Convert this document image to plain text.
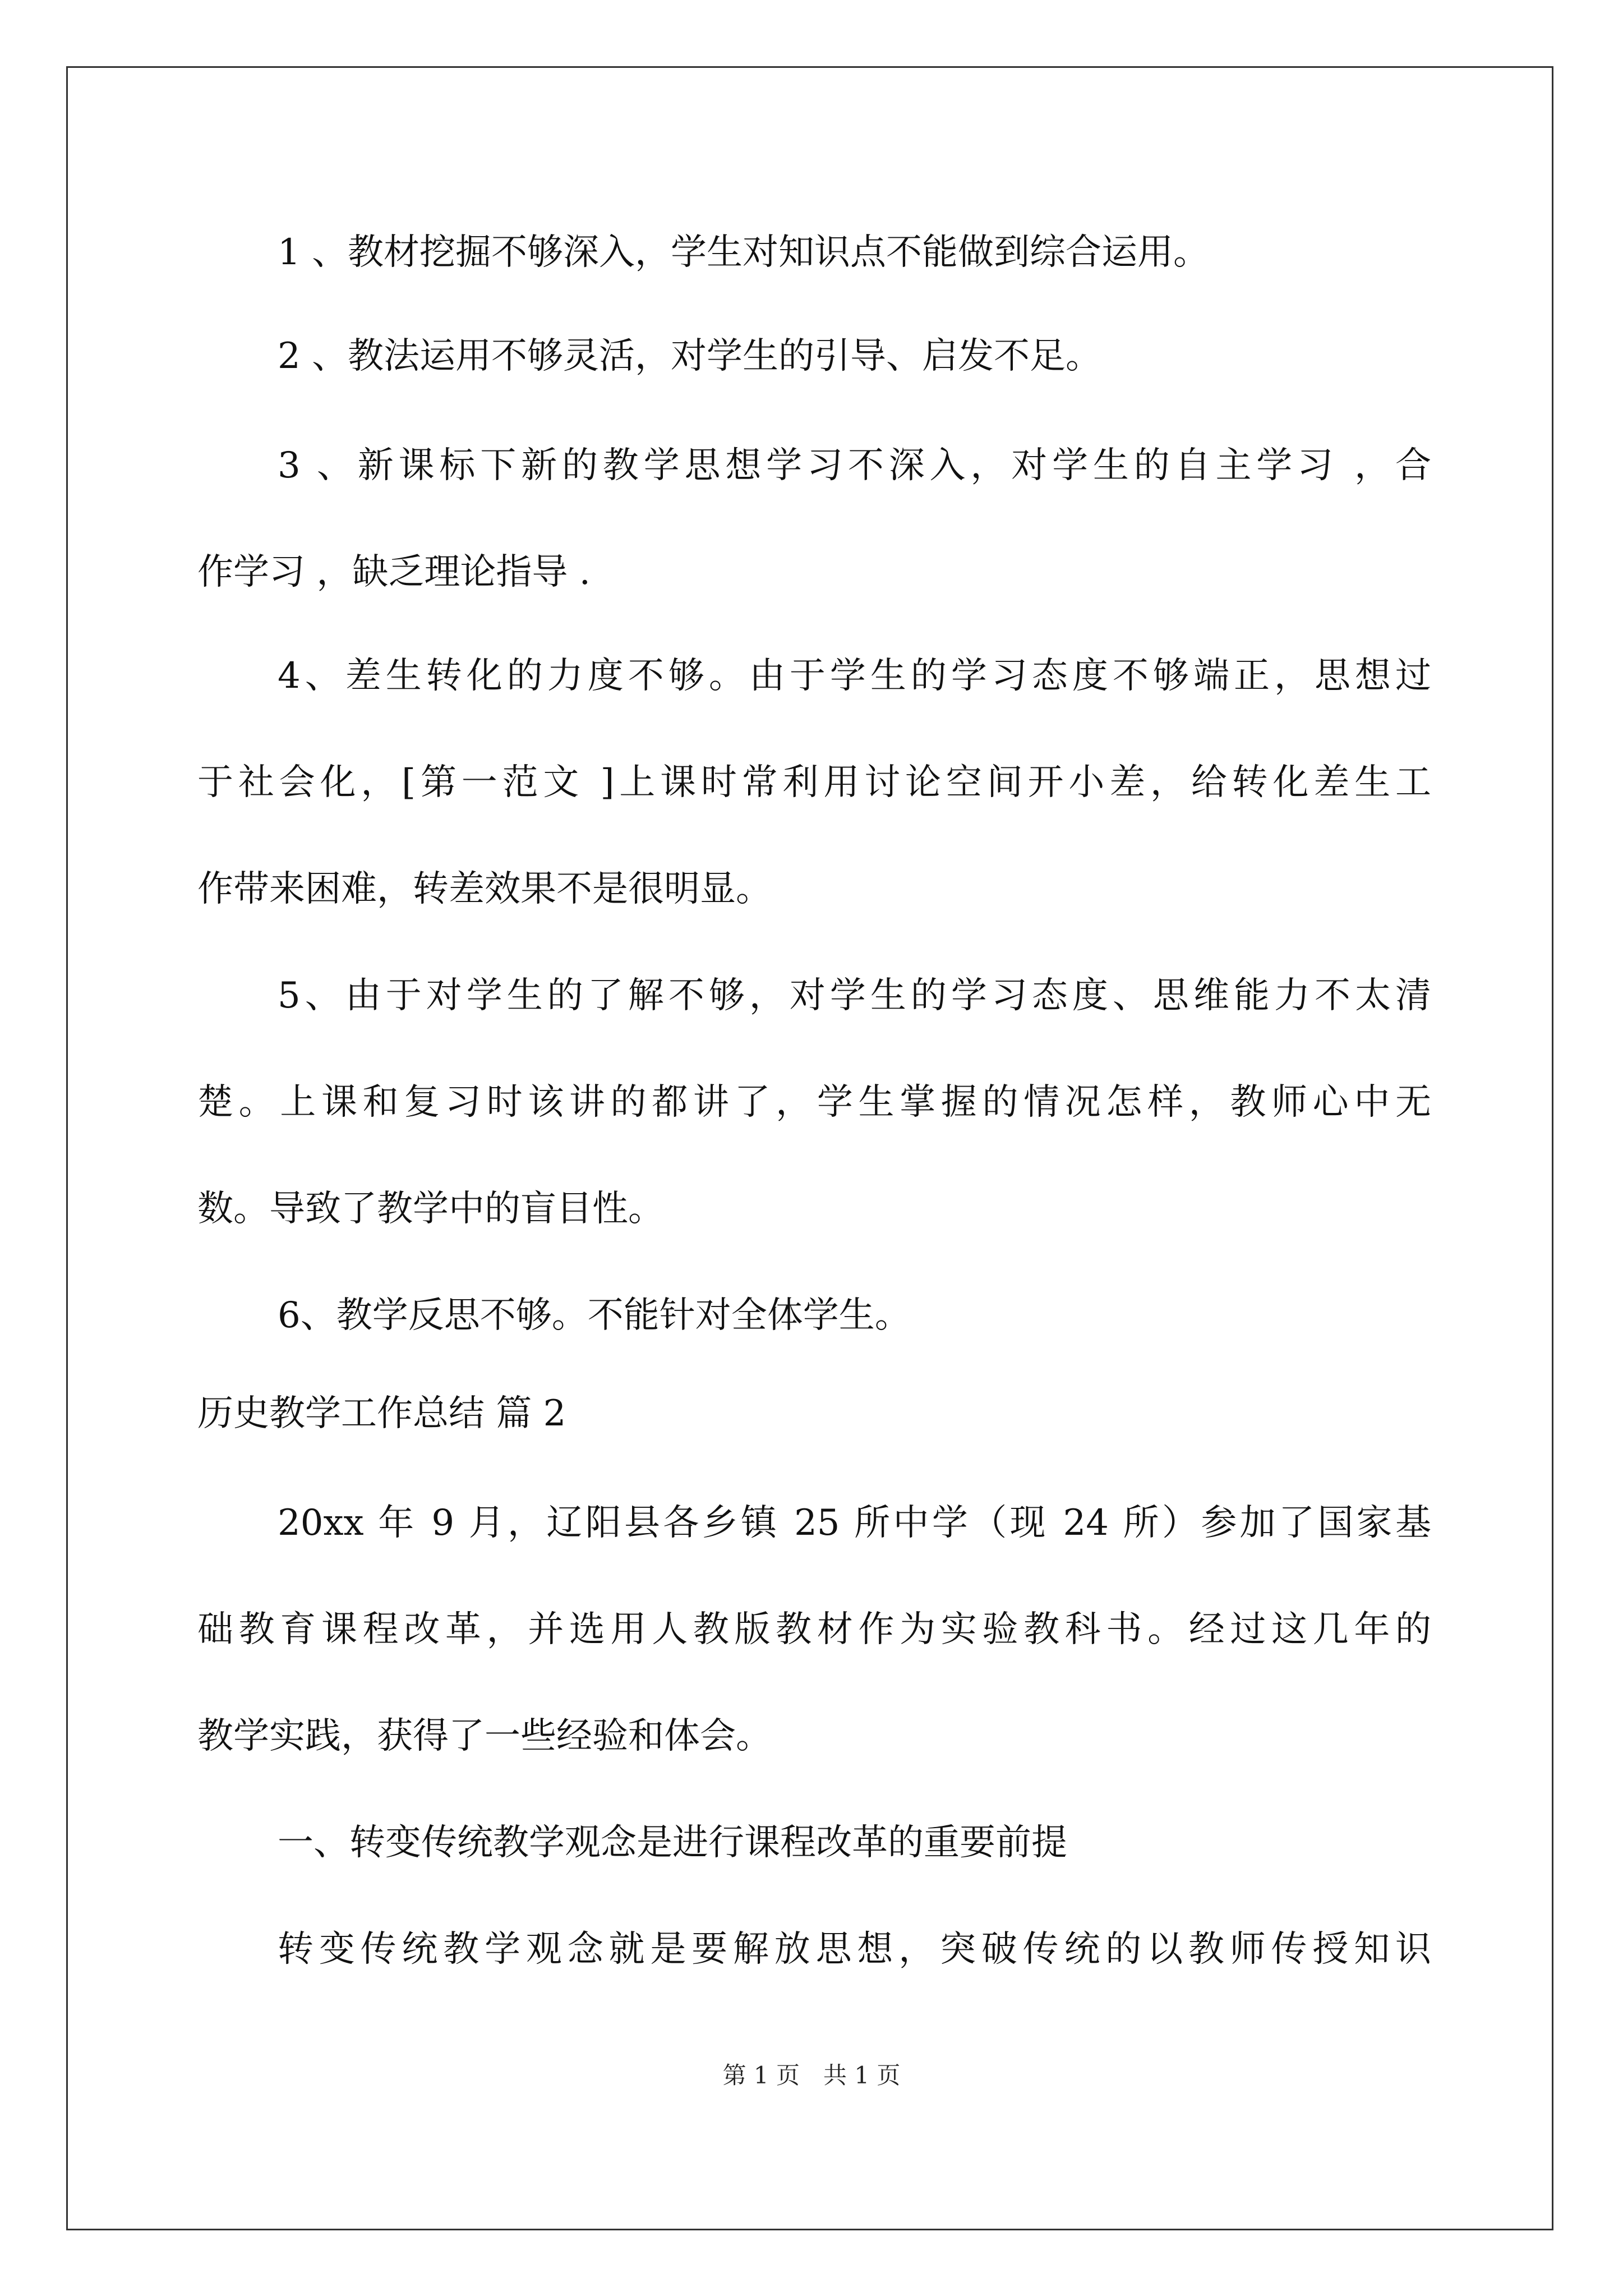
1 、教材挖掘不够深入，学生对知识点不能做到综合运用。
2 、教法运用不够灵活，对学生的引导、启发不足。
3 、新课标下新的教学思想学习不深入，对学生的自主学习 ，合
作学习 ，缺乏理论指导 .
4、差生转化的力度不够。由于学生的学习态度不够端正，思想过
于社会化，[第一范文 ]上课时常利用讨论空间开小差，给转化差生工
作带来困难，转差效果不是很明显。
5、由于对学生的了解不够，对学生的学习态度、思维能力不太清
楚。上课和复习时该讲的都讲了，学生掌握的情况怎样，教师心中无
数。导致了教学中的盲目性。
6、教学反思不够。不能针对全体学生。
历史教学工作总结 篇 2
20xx 年 9 月，辽阳县各乡镇 25 所中学（现 24 所）参加了国家基
础教育课程改革，并选用人教版教材作为实验教科书。经过这几年的
教学实践，获得了一些经验和体会。
一、转变传统教学观念是进行课程改革的重要前提
转变传统教学观念就是要解放思想，突破传统的以教师传授知识
第 1 页　共 1 页
